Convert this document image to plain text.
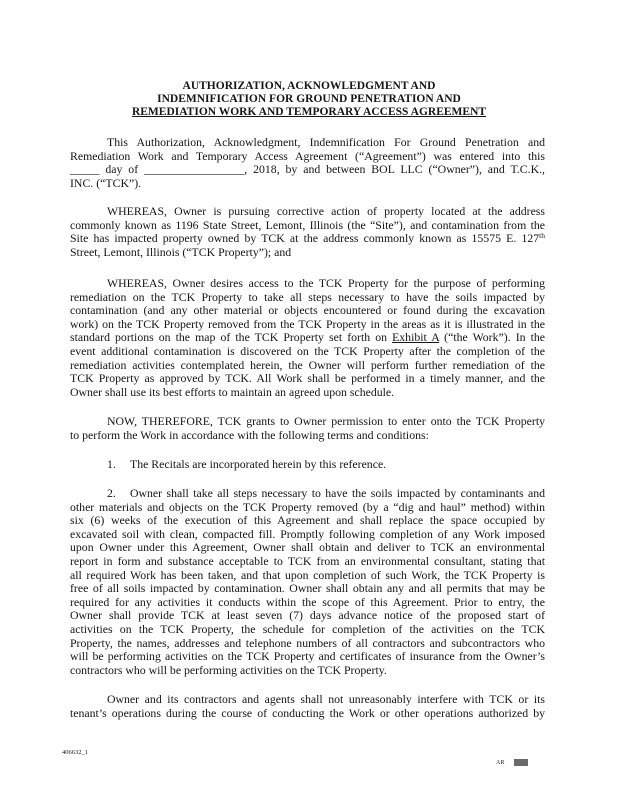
AUTHORIZATION, ACKNOWLEDGMENT AND
INDEMNIFICATION FOR GROUND PENETRATION AND
REMEDIATION WORK AND TEMPORARY ACCESS AGREEMENT
This Authorization, Acknowledgment, Indemnification For Ground Penetration and
Remediation Work and Temporary Access Agreement (“Agreement”) was entered into this
_____ day of _________________, 2018, by and between BOL LLC (“Owner”), and T.C.K.,
INC. (“TCK”).
WHEREAS, Owner is pursuing corrective action of property located at the address
commonly known as 1196 State Street, Lemont, Illinois (the “Site”), and contamination from the
Site has impacted property owned by TCK at the address commonly known as 15575 E. 127th
Street, Lemont, Illinois (“TCK Property”); and
WHEREAS, Owner desires access to the TCK Property for the purpose of performing
remediation on the TCK Property to take all steps necessary to have the soils impacted by
contamination (and any other material or objects encountered or found during the excavation
work) on the TCK Property removed from the TCK Property in the areas as it is illustrated in the
standard portions on the map of the TCK Property set forth on Exhibit A (“the Work”). In the
event additional contamination is discovered on the TCK Property after the completion of the
remediation activities contemplated herein, the Owner will perform further remediation of the
TCK Property as approved by TCK. All Work shall be performed in a timely manner, and the
Owner shall use its best efforts to maintain an agreed upon schedule.
NOW, THEREFORE, TCK grants to Owner permission to enter onto the TCK Property
to perform the Work in accordance with the following terms and conditions:
1. The Recitals are incorporated herein by this reference.
2. Owner shall take all steps necessary to have the soils impacted by contaminants and
other materials and objects on the TCK Property removed (by a “dig and haul” method) within
six (6) weeks of the execution of this Agreement and shall replace the space occupied by
excavated soil with clean, compacted fill. Promptly following completion of any Work imposed
upon Owner under this Agreement, Owner shall obtain and deliver to TCK an environmental
report in form and substance acceptable to TCK from an environmental consultant, stating that
all required Work has been taken, and that upon completion of such Work, the TCK Property is
free of all soils impacted by contamination. Owner shall obtain any and all permits that may be
required for any activities it conducts within the scope of this Agreement. Prior to entry, the
Owner shall provide TCK at least seven (7) days advance notice of the proposed start of
activities on the TCK Property, the schedule for completion of the activities on the TCK
Property, the names, addresses and telephone numbers of all contractors and subcontractors who
will be performing activities on the TCK Property and certificates of insurance from the Owner’s
contractors who will be performing activities on the TCK Property.
Owner and its contractors and agents shall not unreasonably interfere with TCK or its
tenant’s operations during the course of conducting the Work or other operations authorized by
406632_1
AR
